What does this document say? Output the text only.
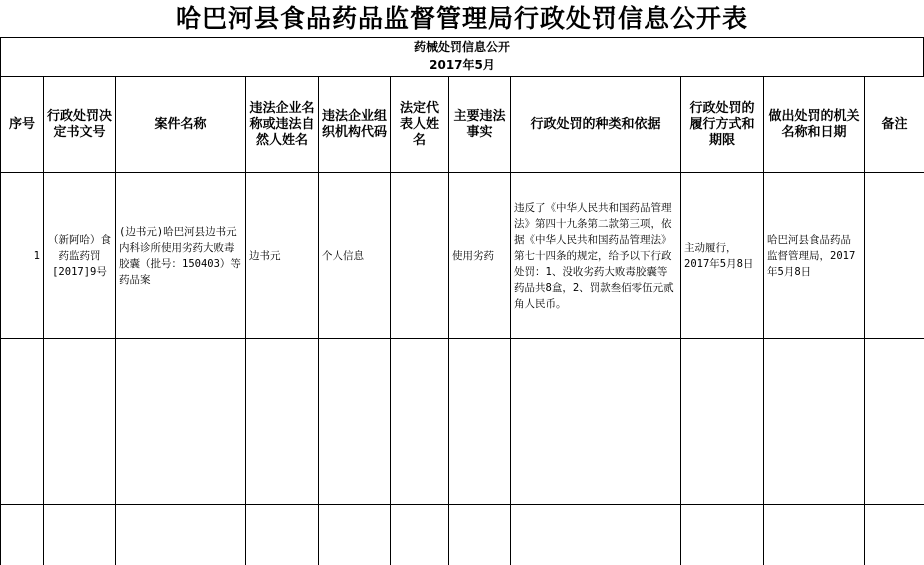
哈巴河县食品药品监督管理局行政处罚信息公开表
药械处罚信息公开
2017年5月
序号	行政处罚决定书文号	案件名称	违法企业名称或违法自然人姓名	违法企业组织机构代码	法定代表人姓名	主要违法事实	行政处罚的种类和依据	行政处罚的履行方式和期限	做出处罚的机关名称和日期	备注
1	（新阿哈）食药监药罚[2017]9号	(边书元)哈巴河县边书元内科诊所使用劣药大败毒胶囊（批号：150403）等药品案	边书元	个人信息		使用劣药	违反了《中华人民共和国药品管理法》第四十九条第二款第三项，依据《中华人民共和国药品管理法》第七十四条的规定，给予以下行政处罚：1、没收劣药大败毒胶囊等药品共8盒，2、罚款叁佰零伍元贰角人民币。	主动履行，2017年5月8日	哈巴河县食品药品监督管理局，2017年5月8日	
